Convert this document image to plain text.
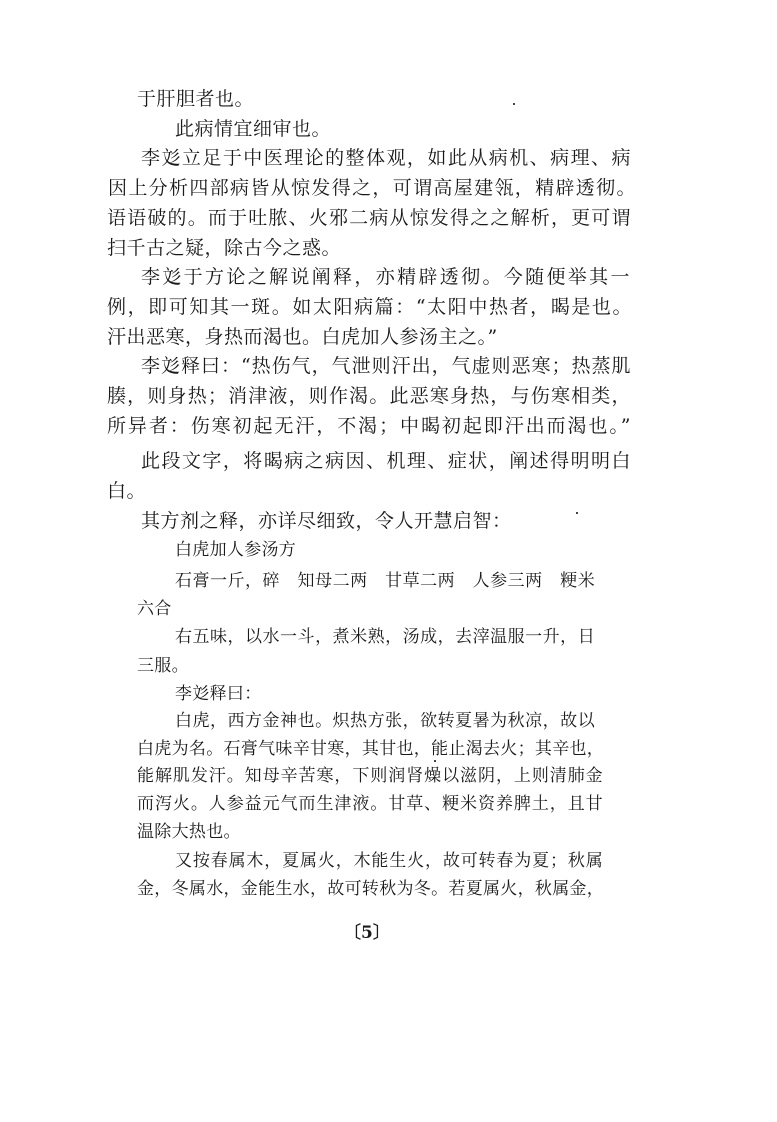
于肝胆者也。

此病情宜细审也。

李彣立足于中医理论的整体观，如此从病机、病理、病

因上分析四部病皆从惊发得之，可谓高屋建瓴，精辟透彻。

语语破的。而于吐脓、火邪二病从惊发得之之解析，更可谓

扫千古之疑，除古今之惑。

李彣于方论之解说阐释，亦精辟透彻。今随便举其一

例，即可知其一斑。如太阳病篇：“太阳中热者，暍是也。

汗出恶寒，身热而渴也。白虎加人参汤主之。”

李彣释曰：“热伤气，气泄则汗出，气虚则恶寒；热蒸肌

腠，则身热；消津液，则作渴。此恶寒身热，与伤寒相类，

所异者：伤寒初起无汗，不渴；中暍初起即汗出而渴也。”

此段文字，将暍病之病因、机理、症状，阐述得明明白

白。

其方剂之释，亦详尽细致，令人开慧启智：

白虎加人参汤方

石膏一斤，碎　知母二两　甘草二两　人参三两　粳米

六合

右五味，以水一斗，煮米熟，汤成，去滓温服一升，日

三服。

李彣释曰：

白虎，西方金神也。炽热方张，欲转夏暑为秋凉，故以

白虎为名。石膏气味辛甘寒，其甘也，能止渴去火；其辛也，

能解肌发汗。知母辛苦寒，下则润肾燥以滋阴，上则清肺金

而泻火。人参益元气而生津液。甘草、粳米资养脾土，且甘

温除大热也。

又按春属木，夏属火，木能生火，故可转春为夏；秋属

金，冬属水，金能生水，故可转秋为冬。若夏属火，秋属金，

〔5〕
